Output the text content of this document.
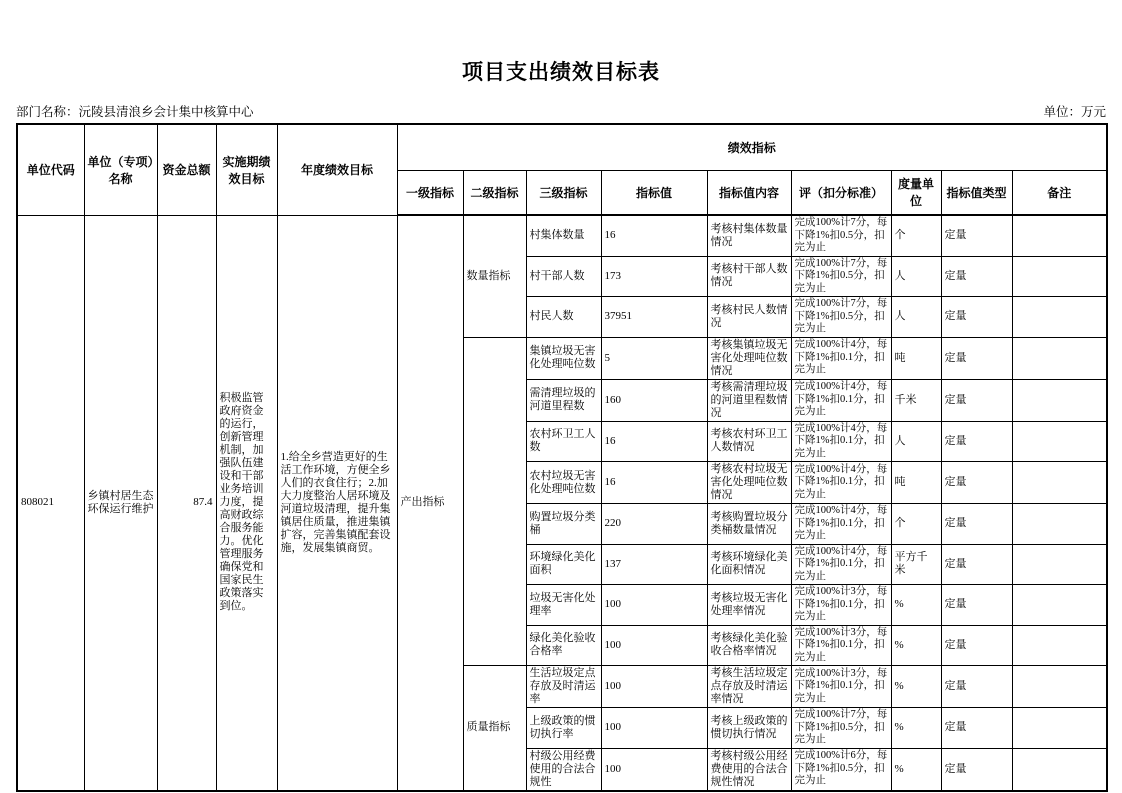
项目支出绩效目标表
部门名称：沅陵县清浪乡会计集中核算中心	单位：万元
单位代码	单位（专项）名称	资金总额	实施期绩效目标	年度绩效目标	绩效指标								
					一级指标	二级指标	三级指标	指标值	指标值内容	评（扣分标准）	度量单位	指标值类型	备注
808021	乡镇村居生态环保运行维护	87.4	积极监管政府资金的运行，创新管理机制，加强队伍建设和干部业务培训力度，提高财政综合服务能力。优化管理服务确保党和国家民生政策落实到位。	1.给全乡营造更好的生活工作环境，方便全乡人们的衣食住行；2.加大力度整治人居环境及河道垃圾清理，提升集镇居住质量，推进集镇扩容，完善集镇配套设施，发展集镇商贸。	产出指标	数量指标	村集体数量	16	考核村集体数量情况	完成100%计7分，每下降1%扣0.5分，扣完为止	个	定量	
							村干部人数	173	考核村干部人数情况	完成100%计7分，每下降1%扣0.5分，扣完为止	人	定量	
							村民人数	37951	考核村民人数情况	完成100%计7分，每下降1%扣0.5分，扣完为止	人	定量	
							集镇垃圾无害化处理吨位数	5	考核集镇垃圾无害化处理吨位数情况	完成100%计4分，每下降1%扣0.1分，扣完为止	吨	定量	
							需清理垃圾的河道里程数	160	考核需清理垃圾的河道里程数情况	完成100%计4分，每下降1%扣0.1分，扣完为止	千米	定量	
							农村环卫工人数	16	考核农村环卫工人数情况	完成100%计4分，每下降1%扣0.1分，扣完为止	人	定量	
							农村垃圾无害化处理吨位数	16	考核农村垃圾无害化处理吨位数情况	完成100%计4分，每下降1%扣0.1分，扣完为止	吨	定量	
							购置垃圾分类桶	220	考核购置垃圾分类桶数量情况	完成100%计4分，每下降1%扣0.1分，扣完为止	个	定量	
							环境绿化美化面积	137	考核环境绿化美化面积情况	完成100%计4分，每下降1%扣0.1分，扣完为止	平方千米	定量	
							垃圾无害化处理率	100	考核垃圾无害化处理率情况	完成100%计3分，每下降1%扣0.1分，扣完为止	%	定量	
							绿化美化验收合格率	100	考核绿化美化验收合格率情况	完成100%计3分，每下降1%扣0.1分，扣完为止	%	定量	
						质量指标	生活垃圾定点存放及时清运率	100	考核生活垃圾定点存放及时清运率情况	完成100%计3分，每下降1%扣0.1分，扣完为止	%	定量	
							上级政策的惯切执行率	100	考核上级政策的惯切执行情况	完成100%计7分，每下降1%扣0.5分，扣完为止	%	定量	
							村级公用经费使用的合法合规性	100	考核村级公用经费使用的合法合规性情况	完成100%计6分，每下降1%扣0.5分，扣完为止	%	定量	
